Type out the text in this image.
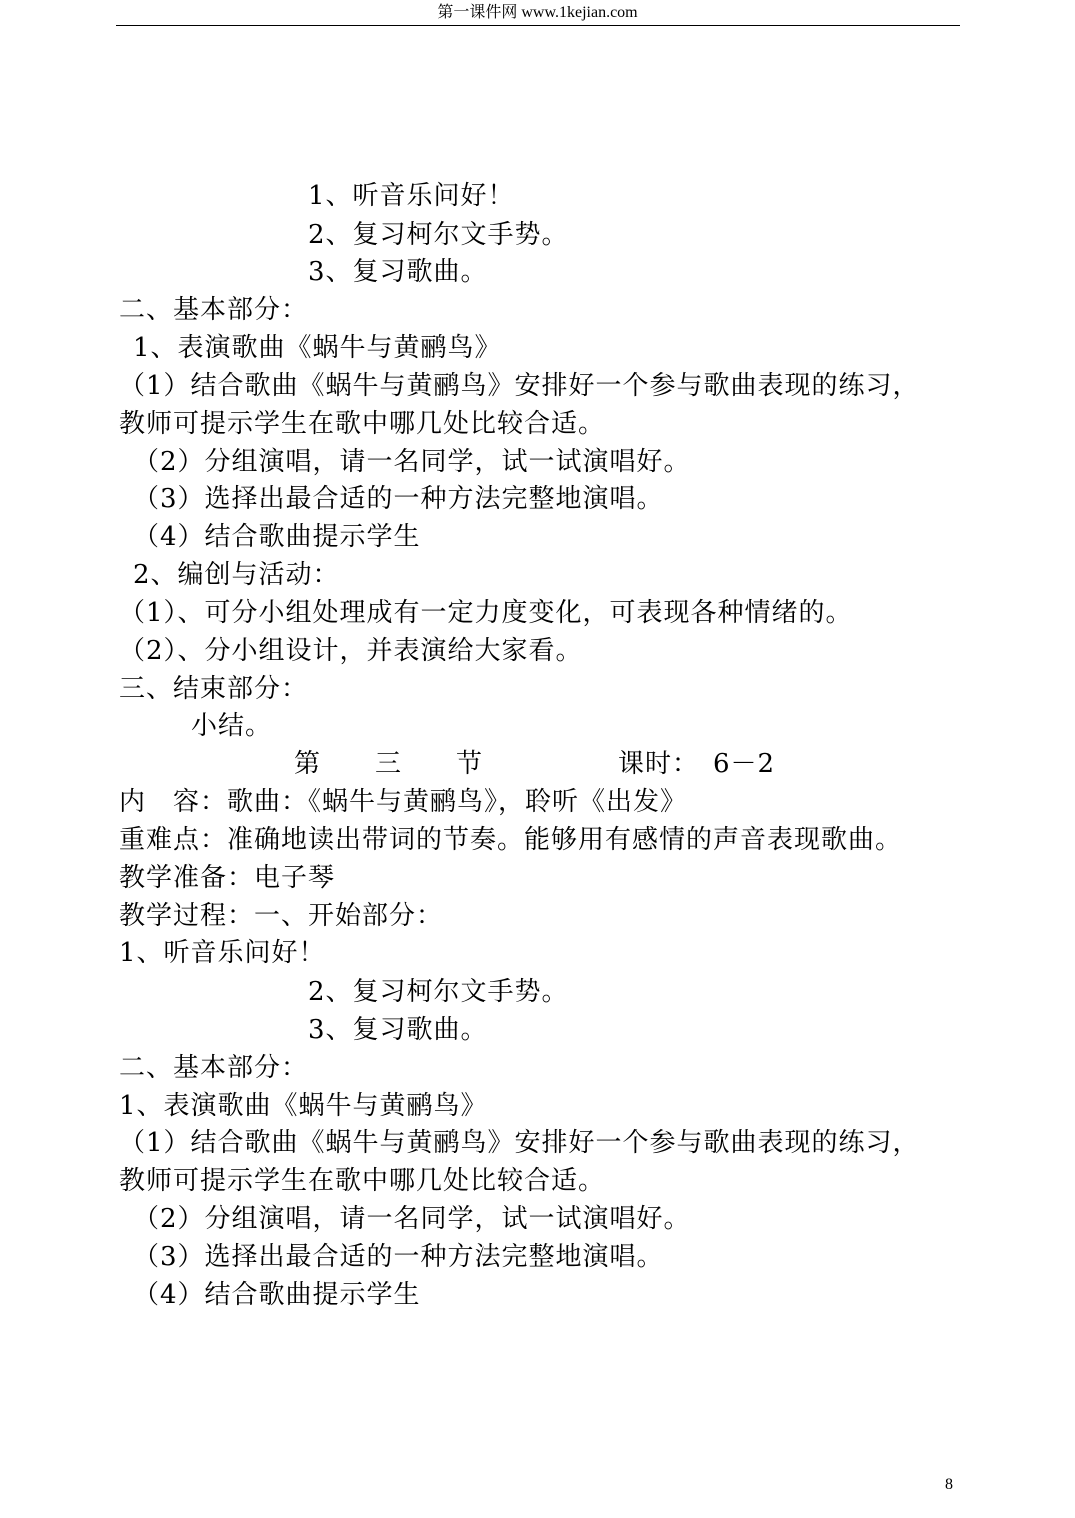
第一课件网 www.1kejian.com
1、听音乐问好！
2、复习柯尔文手势。
3、复习歌曲。
二、基本部分：
1、表演歌曲《蜗牛与黄鹂鸟》
（1）结合歌曲《蜗牛与黄鹂鸟》安排好一个参与歌曲表现的练习，
教师可提示学生在歌中哪几处比较合适。
（2）分组演唱，请一名同学，试一试演唱好。
（3）选择出最合适的一种方法完整地演唱。
（4）结合歌曲提示学生
2、编创与活动：
（1）、可分小组处理成有一定力度变化，可表现各种情绪的。
（2）、分小组设计，并表演给大家看。
三、结束部分：
小结。
第　　三　　节　　　　　课时：　6－2
内　容：歌曲：《蜗牛与黄鹂鸟》，聆听《出发》
重难点：准确地读出带词的节奏。能够用有感情的声音表现歌曲。
教学准备：电子琴
教学过程：一、开始部分：
1、听音乐问好！
2、复习柯尔文手势。
3、复习歌曲。
二、基本部分：
1、表演歌曲《蜗牛与黄鹂鸟》
（1）结合歌曲《蜗牛与黄鹂鸟》安排好一个参与歌曲表现的练习，
教师可提示学生在歌中哪几处比较合适。
（2）分组演唱，请一名同学，试一试演唱好。
（3）选择出最合适的一种方法完整地演唱。
（4）结合歌曲提示学生
8
